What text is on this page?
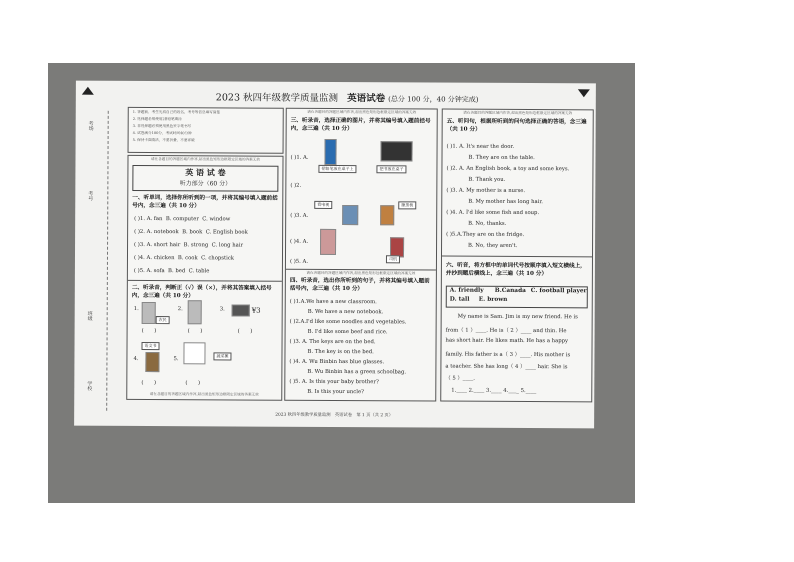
2023 秋四年级教学质量监测 英语试卷 (总分 100 分，40 分钟完成)
考场
考号
班级
学校
1. 答题前，考生先将自己的姓名、考号等信息填写清楚
2. 选择题必须使用2B铅笔填涂
3. 非选择题必须使用黑色签字笔书写
4. 试卷满分100分，考试时间40分钟
5. 保持卡面清洁，不要折叠，不要弄破
请在各题目的答题区域内作答,超出黑色矩形边框限定区域的答案无效
英 语 试 卷
听力部分（60 分）
一、听单词，选择你所听到的一项，并将其编号填入题前括号内，念三遍（共 10 分）
( )1. A. fan B. computer C. window
( )2. A. notebook B. book C. English book
( )3. A. short hair B. strong C. long hair
( )4. A. chicken B. cook C. chopstick
( )5. A. sofa B. bed C. table
二、听录音，判断正（√）误（×），并将其答案填入括号内，念三遍（共 10 分）
1.
农民
2.	3.	¥3
(　　)	(　　)	(　　)
4.
语文书
5.
蔬菜摊
(　　)	(　　)
请在各题目的答题区域内作答,超出黑色矩形边框限定区域的答案无效
请在各题目的答题区域内作答,超出黑色矩形边框限定区域的答案无效
三、听录音，选择正确的图片，并将其编号填入题前括号内，念三遍（共 10 分）
( )1. A.
把铅笔放在桌子上	把书放在桌子
( )2.
看电视	擦黑板
( )3. A.
( )4. A.
司机
( )5. A.
请在各题目的答题区域内作答,超出黑色矩形边框限定区域的答案无效
四、听录音，选出你所听到的句子，并将其编号填入题前括号内，念三遍（共 10 分）
( )1.A.We have a new classroom.
B. We have a new notebook.
( )2.A.I'd like some noodles and vegetables.
B. I'd like some beef and rice.
( )3. A. The keys are on the bed.
B. The key is on the bed.
( )4. A. Wu Binbin has blue glasses.
B. Wu Binbin has a green schoolbag.
( )5. A. Is this your baby brother?
B. Is this your uncle?
请在各题目的答题区域内作答,超出黑色矩形边框限定区域的答案无效
五、听问句，根据所听到的问句选择正确的答语，念三遍（共 10 分）
( )1. A. It's near the door.
B. They are on the table.
( )2. A. An English book, a toy and some keys.
B. Thank you.
( )3. A. My mother is a nurse.
B. My mother has long hair.
( )4. A. I'd like some fish and soup.
B. No, thanks.
( )5.A.They are on the fridge.
B. No, they aren't.
六、听音，将方框中的单词代号按顺序填入短文横线上，并抄到题后横线上，念三遍（共 10 分）
A. friendly B.Canada C. football player
D. tall E. brown
My name is Sam. Jim is my new friend. He is
from（ 1 ）____. He is（ 2 ）____ and thin. He
has short hair. He likes math. He has a happy
family. His father is a（ 3 ）____. His mother is
a teacher. She has long（ 4 ）____ hair. She is
（ 5 ）____.
1.____ 2.____ 3.____ 4.____ 5.____
2023 秋四年级教学质量监测　英语试卷　第 1 页（共 2 页）
